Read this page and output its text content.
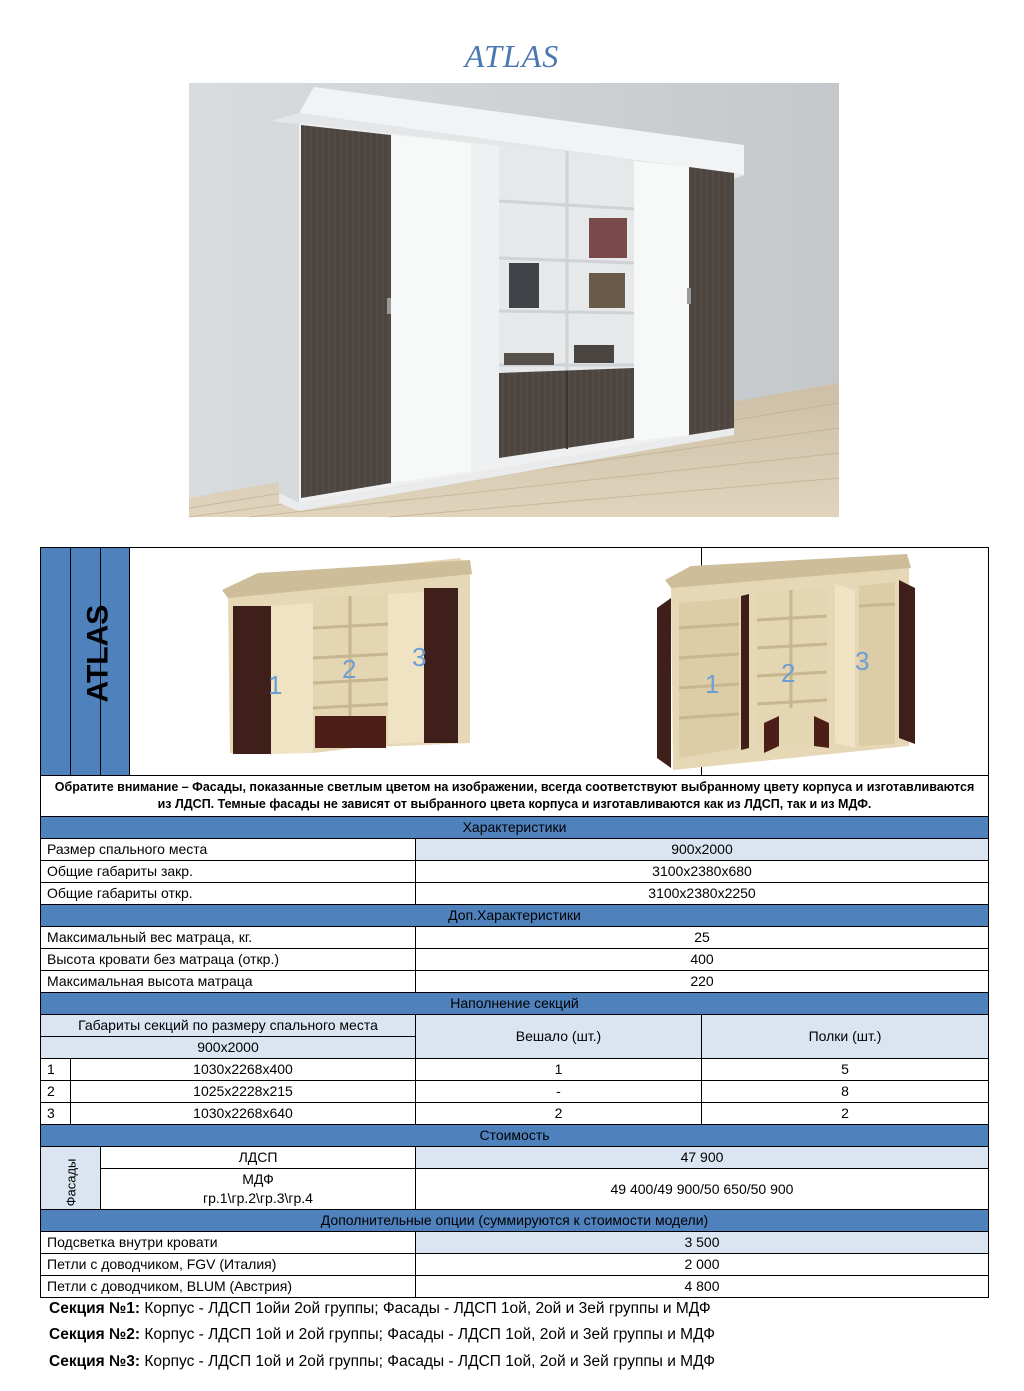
ATLAS

		ATLAS	1
2 3		1 2 3

Обратите внимание – Фасады, показанные светлым цветом на изображении, всегда соответствуют выбранному цвету корпуса и изготавливаются из ЛДСП. Темные фасады не зависят от выбранного цвета корпуса и изготавливаются как из ЛДСП, так и из МДФ.					
Характеристики					
Размер спального места				900х2000	
Общие габариты закр.				3100х2380х680	
Общие габариты откр.				3100х2380х2250	
Доп.Характеристики					
Максимальный вес матраца, кг.				25	
Высота кровати без матраца (откр.)				400	
Максимальная высота матраца				220	
Наполнение секций					
Габариты секций по размеру спального места				Вешало (шт.)	Полки (шт.)
900х2000					
1	1030х2268х400			1	5
2	1025х2228х215			-	8
3	1030х2268х640			2	2
Стоимость					

Фасады		ЛДСП		47 900	

		МДФ
гр.1\гр.2\гр.3\гр.4		49 400/49 900/50 650/50 900	
Дополнительные опции (суммируются к стоимости модели)					
Подсветка внутри кровати				3 500	
Петли с доводчиком, FGV (Италия)				2 000	
Петли с доводчиком, BLUM (Австрия)				4 800	
Секция №1: Корпус - ЛДСП 1ойи 2ой группы; Фасады - ЛДСП 1ой, 2ой и 3ей группы и МДФ
Секция №2: Корпус - ЛДСП 1ой и 2ой группы; Фасады - ЛДСП 1ой, 2ой и 3ей группы и МДФ
Секция №3: Корпус - ЛДСП 1ой и 2ой группы; Фасады - ЛДСП 1ой, 2ой и 3ей группы и МДФ
